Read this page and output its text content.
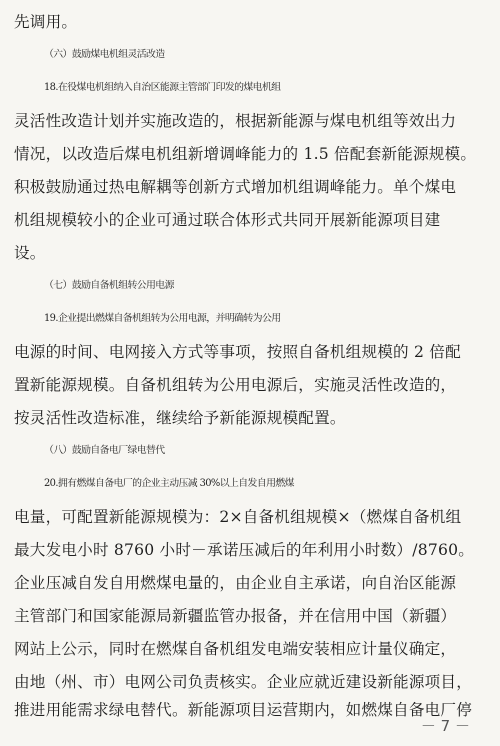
先调用。
（六）鼓励煤电机组灵活改造
18.在役煤电机组纳入自治区能源主管部门印发的煤电机组
灵活性改造计划并实施改造的，根据新能源与煤电机组等效出力
情况，以改造后煤电机组新增调峰能力的 1.5 倍配套新能源规模。
积极鼓励通过热电解耦等创新方式增加机组调峰能力。单个煤电
机组规模较小的企业可通过联合体形式共同开展新能源项目建
设。
（七）鼓励自备机组转公用电源
19.企业提出燃煤自备机组转为公用电源，并明确转为公用
电源的时间、电网接入方式等事项，按照自备机组规模的 2 倍配
置新能源规模。自备机组转为公用电源后，实施灵活性改造的，
按灵活性改造标准，继续给予新能源规模配置。
（八）鼓励自备电厂绿电替代
20.拥有燃煤自备电厂的企业主动压减 30%以上自发自用燃煤
电量，可配置新能源规模为：2×自备机组规模×（燃煤自备机组
最大发电小时 8760 小时－承诺压减后的年利用小时数）/8760。
企业压减自发自用燃煤电量的，由企业自主承诺，向自治区能源
主管部门和国家能源局新疆监管办报备，并在信用中国（新疆）
网站上公示，同时在燃煤自备机组发电端安装相应计量仪确定，
由地（州、市）电网公司负责核实。企业应就近建设新能源项目，
推进用能需求绿电替代。新能源项目运营期内，如燃煤自备电厂停
－ 7 －
